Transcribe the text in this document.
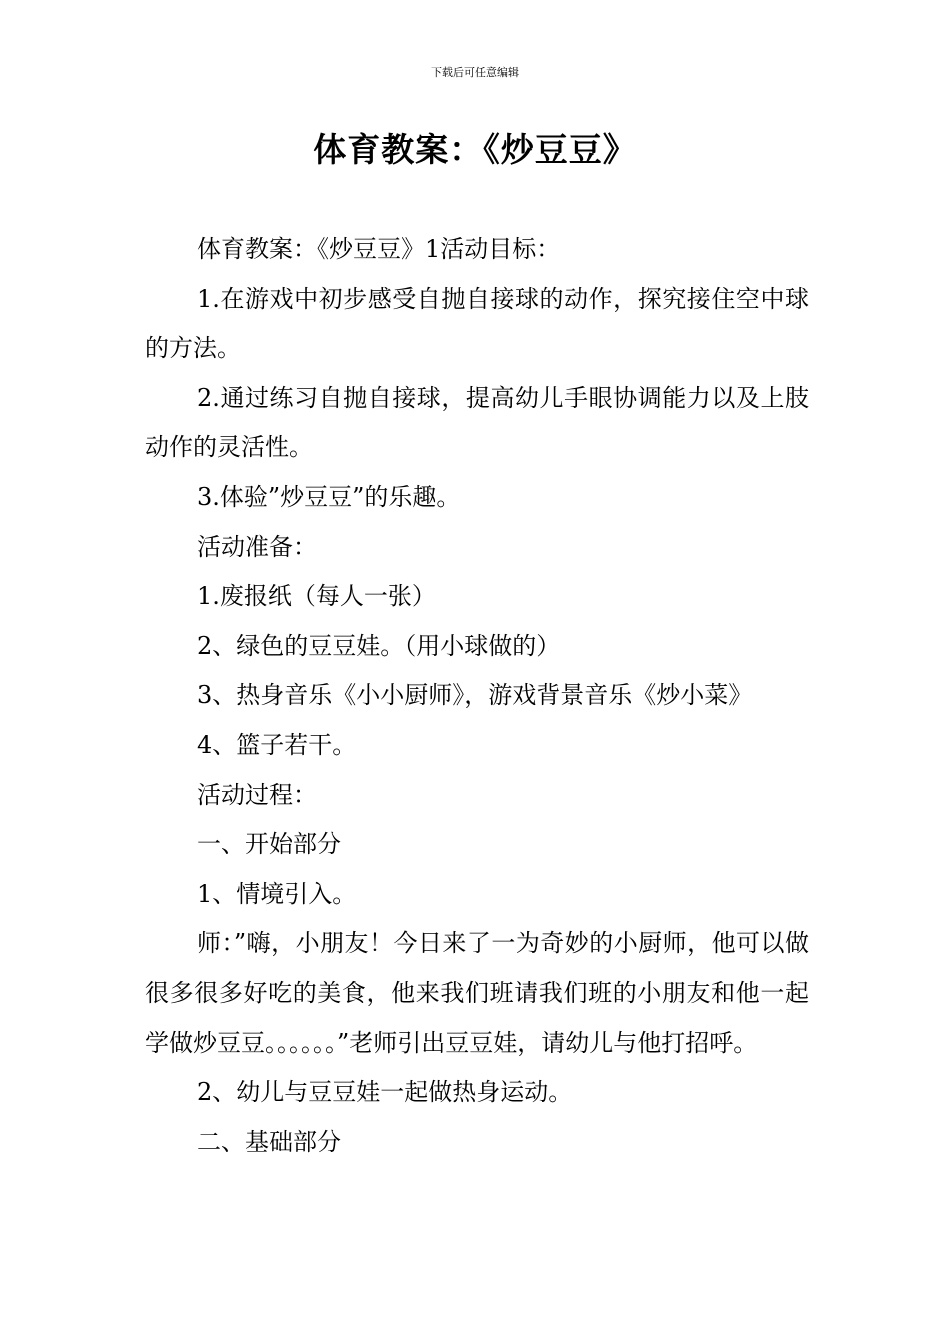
下载后可任意编辑
体育教案：《炒豆豆》

体育教案：《炒豆豆》1活动目标：

1.在游戏中初步感受自抛自接球的动作，探究接住空中球的方法。

2.通过练习自抛自接球，提高幼儿手眼协调能力以及上肢动作的灵活性。

3.体验”炒豆豆”的乐趣。

活动准备：

1.废报纸（每人一张）

2、绿色的豆豆娃。（用小球做的）

3、热身音乐《小小厨师》，游戏背景音乐《炒小菜》

4、篮子若干。

活动过程：

一、开始部分

1、情境引入。

师：”嗨，小朋友！今日来了一为奇妙的小厨师，他可以做很多很多好吃的美食，他来我们班请我们班的小朋友和他一起学做炒豆豆。。。。。。”老师引出豆豆娃，请幼儿与他打招呼。

2、幼儿与豆豆娃一起做热身运动。

二、基础部分
